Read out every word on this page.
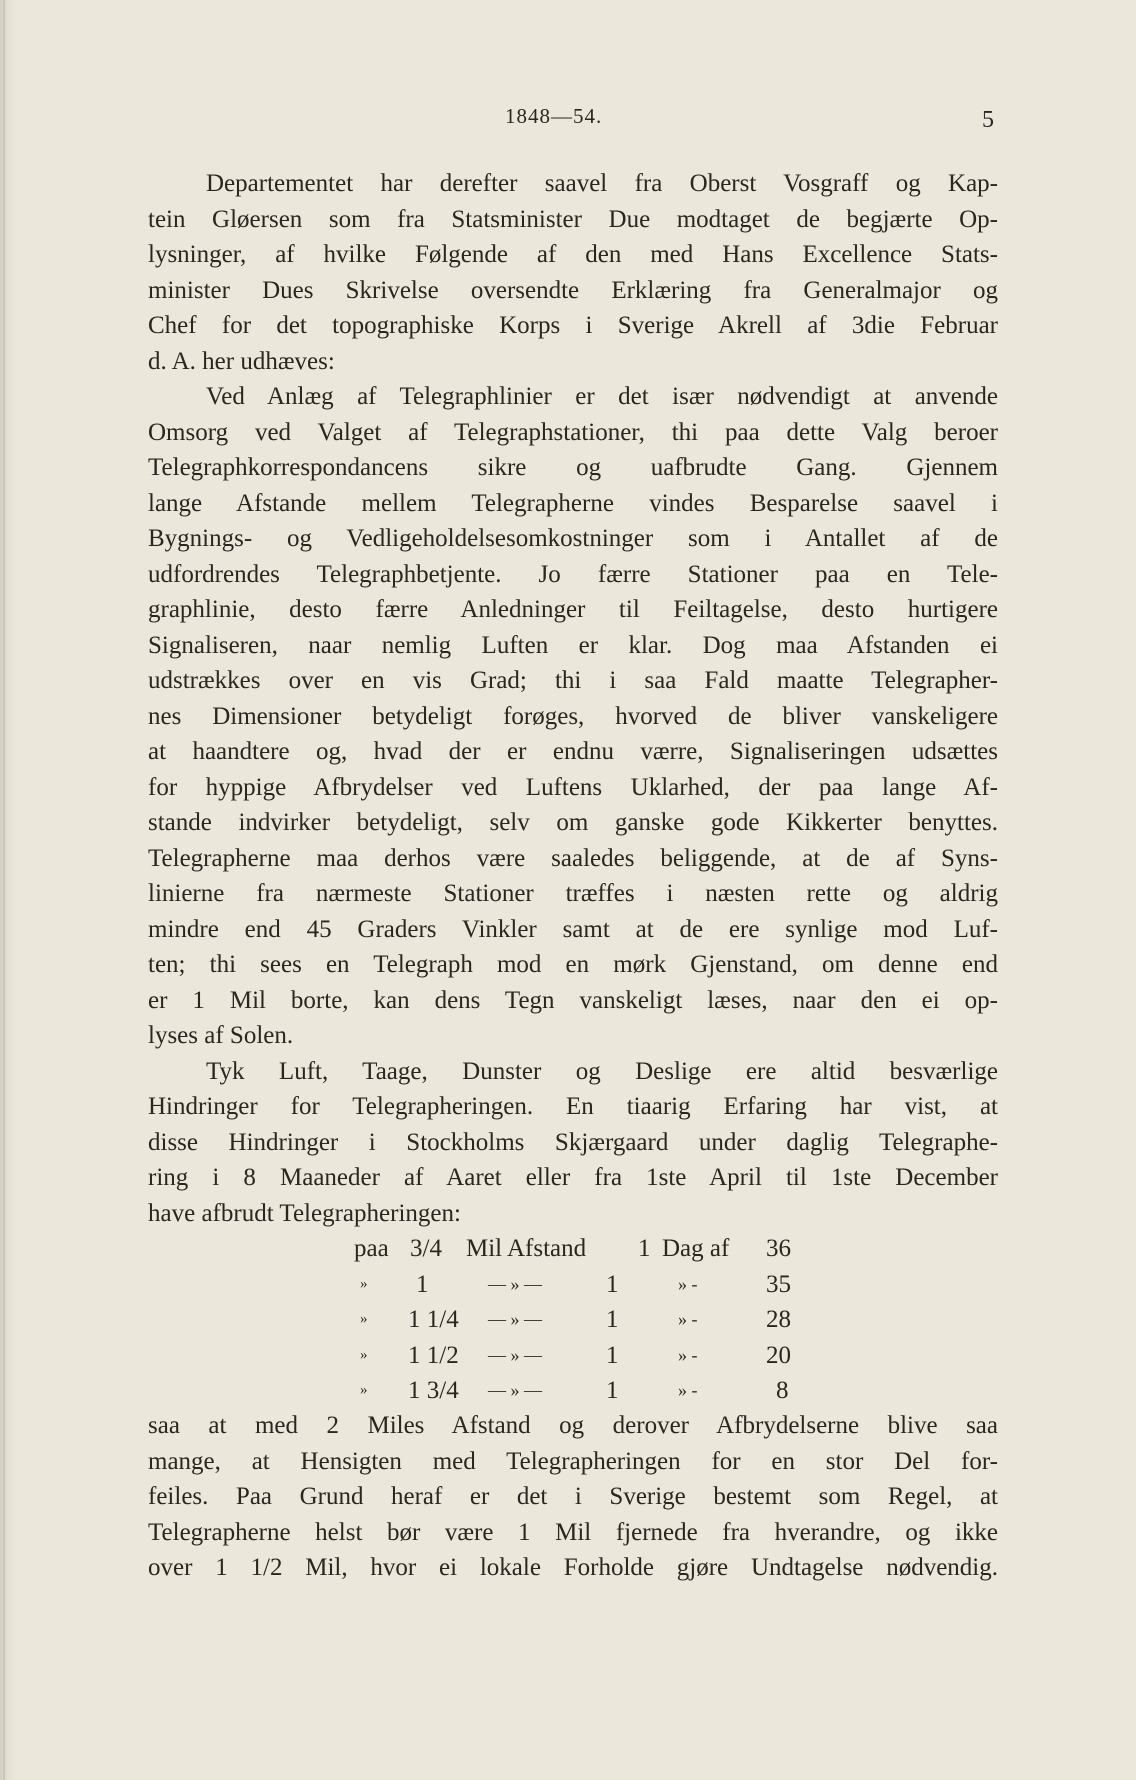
1848—54.	5
Departementet har derefter saavel fra Oberst Vosgraff og Kap-
tein Gløersen som fra Statsminister Due modtaget de begjærte Op-
lysninger, af hvilke Følgende af den med Hans Excellence Stats-
minister Dues Skrivelse oversendte Erklæring fra Generalmajor og
Chef for det topographiske Korps i Sverige Akrell af 3die Februar
d. A. her udhæves:
Ved Anlæg af Telegraphlinier er det især nødvendigt at anvende
Omsorg ved Valget af Telegraphstationer, thi paa dette Valg beroer
Telegraphkorrespondancens sikre og uafbrudte Gang. Gjennem
lange Afstande mellem Telegrapherne vindes Besparelse saavel i
Bygnings- og Vedligeholdelsesomkostninger som i Antallet af de
udfordrendes Telegraphbetjente. Jo færre Stationer paa en Tele-
graphlinie, desto færre Anledninger til Feiltagelse, desto hurtigere
Signaliseren, naar nemlig Luften er klar. Dog maa Afstanden ei
udstrækkes over en vis Grad; thi i saa Fald maatte Telegrapher-
nes Dimensioner betydeligt forøges, hvorved de bliver vanskeligere
at haandtere og, hvad der er endnu værre, Signaliseringen udsættes
for hyppige Afbrydelser ved Luftens Uklarhed, der paa lange Af-
stande indvirker betydeligt, selv om ganske gode Kikkerter benyttes.
Telegrapherne maa derhos være saaledes beliggende, at de af Syns-
linierne fra nærmeste Stationer træffes i næsten rette og aldrig
mindre end 45 Graders Vinkler samt at de ere synlige mod Luf-
ten; thi sees en Telegraph mod en mørk Gjenstand, om denne end
er 1 Mil borte, kan dens Tegn vanskeligt læses, naar den ei op-
lyses af Solen.
Tyk Luft, Taage, Dunster og Deslige ere altid besværlige
Hindringer for Telegrapheringen. En tiaarig Erfaring har vist, at
disse Hindringer i Stockholms Skjærgaard under daglig Telegraphe-
ring i 8 Maaneder af Aaret eller fra 1ste April til 1ste December
have afbrudt Telegrapheringen:
paa 3/4 Mil Afstand 1 Dag af 36
» 1	— » —	1	» -	35
» 1 1/4 — » —	1	» -	28
» 1 1/2 — » —	1	» -	20
» 1 3/4 — » —	1	» -	8
saa at med 2 Miles Afstand og derover Afbrydelserne blive saa
mange, at Hensigten med Telegrapheringen for en stor Del for-
feiles. Paa Grund heraf er det i Sverige bestemt som Regel, at
Telegrapherne helst bør være 1 Mil fjernede fra hverandre, og ikke
over 1 1/2 Mil, hvor ei lokale Forholde gjøre Undtagelse nødvendig.
